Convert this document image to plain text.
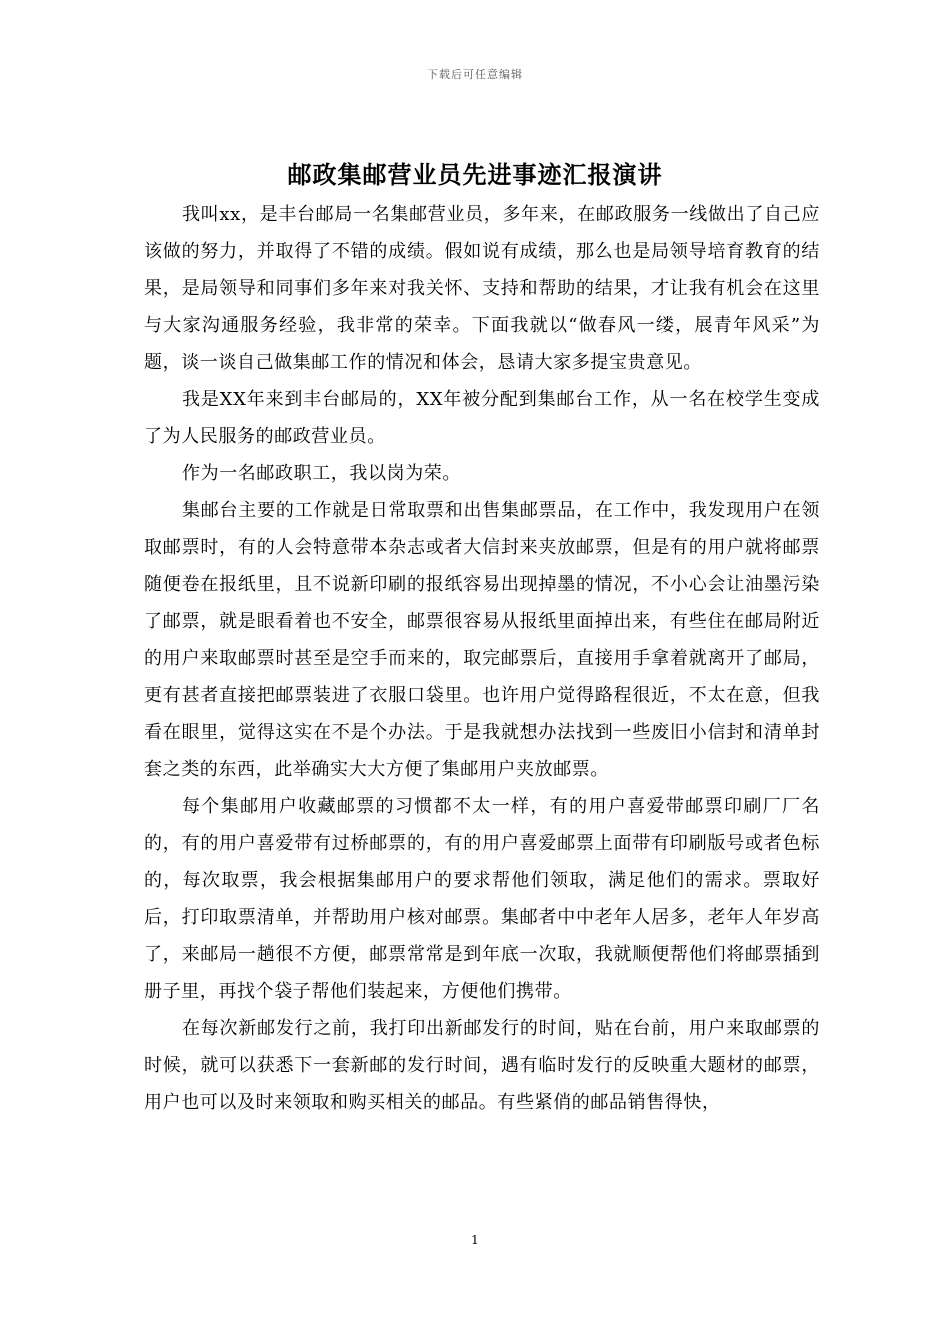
下载后可任意编辑
邮政集邮营业员先进事迹汇报演讲

我叫xx，是丰台邮局一名集邮营业员，多年来，在邮政服务一线做出了自己应该做的努力，并取得了不错的成绩。假如说有成绩，那么也是局领导培育教育的结果，是局领导和同事们多年来对我关怀、支持和帮助的结果，才让我有机会在这里与大家沟通服务经验，我非常的荣幸。下面我就以“做春风一缕，展青年风采”为题，谈一谈自己做集邮工作的情况和体会，恳请大家多提宝贵意见。

我是XX年来到丰台邮局的，XX年被分配到集邮台工作，从一名在校学生变成了为人民服务的邮政营业员。

作为一名邮政职工，我以岗为荣。

集邮台主要的工作就是日常取票和出售集邮票品，在工作中，我发现用户在领取邮票时，有的人会特意带本杂志或者大信封来夹放邮票，但是有的用户就将邮票随便卷在报纸里，且不说新印刷的报纸容易出现掉墨的情况，不小心会让油墨污染了邮票，就是眼看着也不安全，邮票很容易从报纸里面掉出来，有些住在邮局附近的用户来取邮票时甚至是空手而来的，取完邮票后，直接用手拿着就离开了邮局，更有甚者直接把邮票装进了衣服口袋里。也许用户觉得路程很近，不太在意，但我看在眼里，觉得这实在不是个办法。于是我就想办法找到一些废旧小信封和清单封套之类的东西，此举确实大大方便了集邮用户夹放邮票。

每个集邮用户收藏邮票的习惯都不太一样，有的用户喜爱带邮票印刷厂厂名的，有的用户喜爱带有过桥邮票的，有的用户喜爱邮票上面带有印刷版号或者色标的，每次取票，我会根据集邮用户的要求帮他们领取，满足他们的需求。票取好后，打印取票清单，并帮助用户核对邮票。集邮者中中老年人居多，老年人年岁高了，来邮局一趟很不方便，邮票常常是到年底一次取，我就顺便帮他们将邮票插到册子里，再找个袋子帮他们装起来，方便他们携带。

在每次新邮发行之前，我打印出新邮发行的时间，贴在台前，用户来取邮票的时候，就可以获悉下一套新邮的发行时间，遇有临时发行的反映重大题材的邮票，用户也可以及时来领取和购买相关的邮品。有些紧俏的邮品销售得快，

1
